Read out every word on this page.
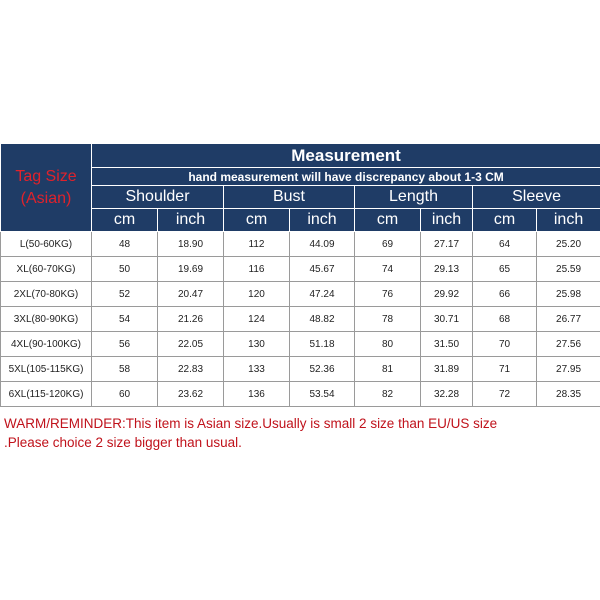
Tag Size
(Asian)	Measurement							
	hand measurement will have discrepancy about 1-3 CM							
	Shoulder		Bust		Length		Sleeve	
	cm	inch	cm	inch	cm	inch	cm	inch
L(50-60KG)	48	18.90	112	44.09	69	27.17	64	25.20
XL(60-70KG)	50	19.69	116	45.67	74	29.13	65	25.59
2XL(70-80KG)	52	20.47	120	47.24	76	29.92	66	25.98
3XL(80-90KG)	54	21.26	124	48.82	78	30.71	68	26.77
4XL(90-100KG)	56	22.05	130	51.18	80	31.50	70	27.56
5XL(105-115KG)	58	22.83	133	52.36	81	31.89	71	27.95
6XL(115-120KG)	60	23.62	136	53.54	82	32.28	72	28.35
WARM/REMINDER:This item is Asian size.Usually is small 2 size than EU/US size
.Please choice 2 size bigger than usual.
